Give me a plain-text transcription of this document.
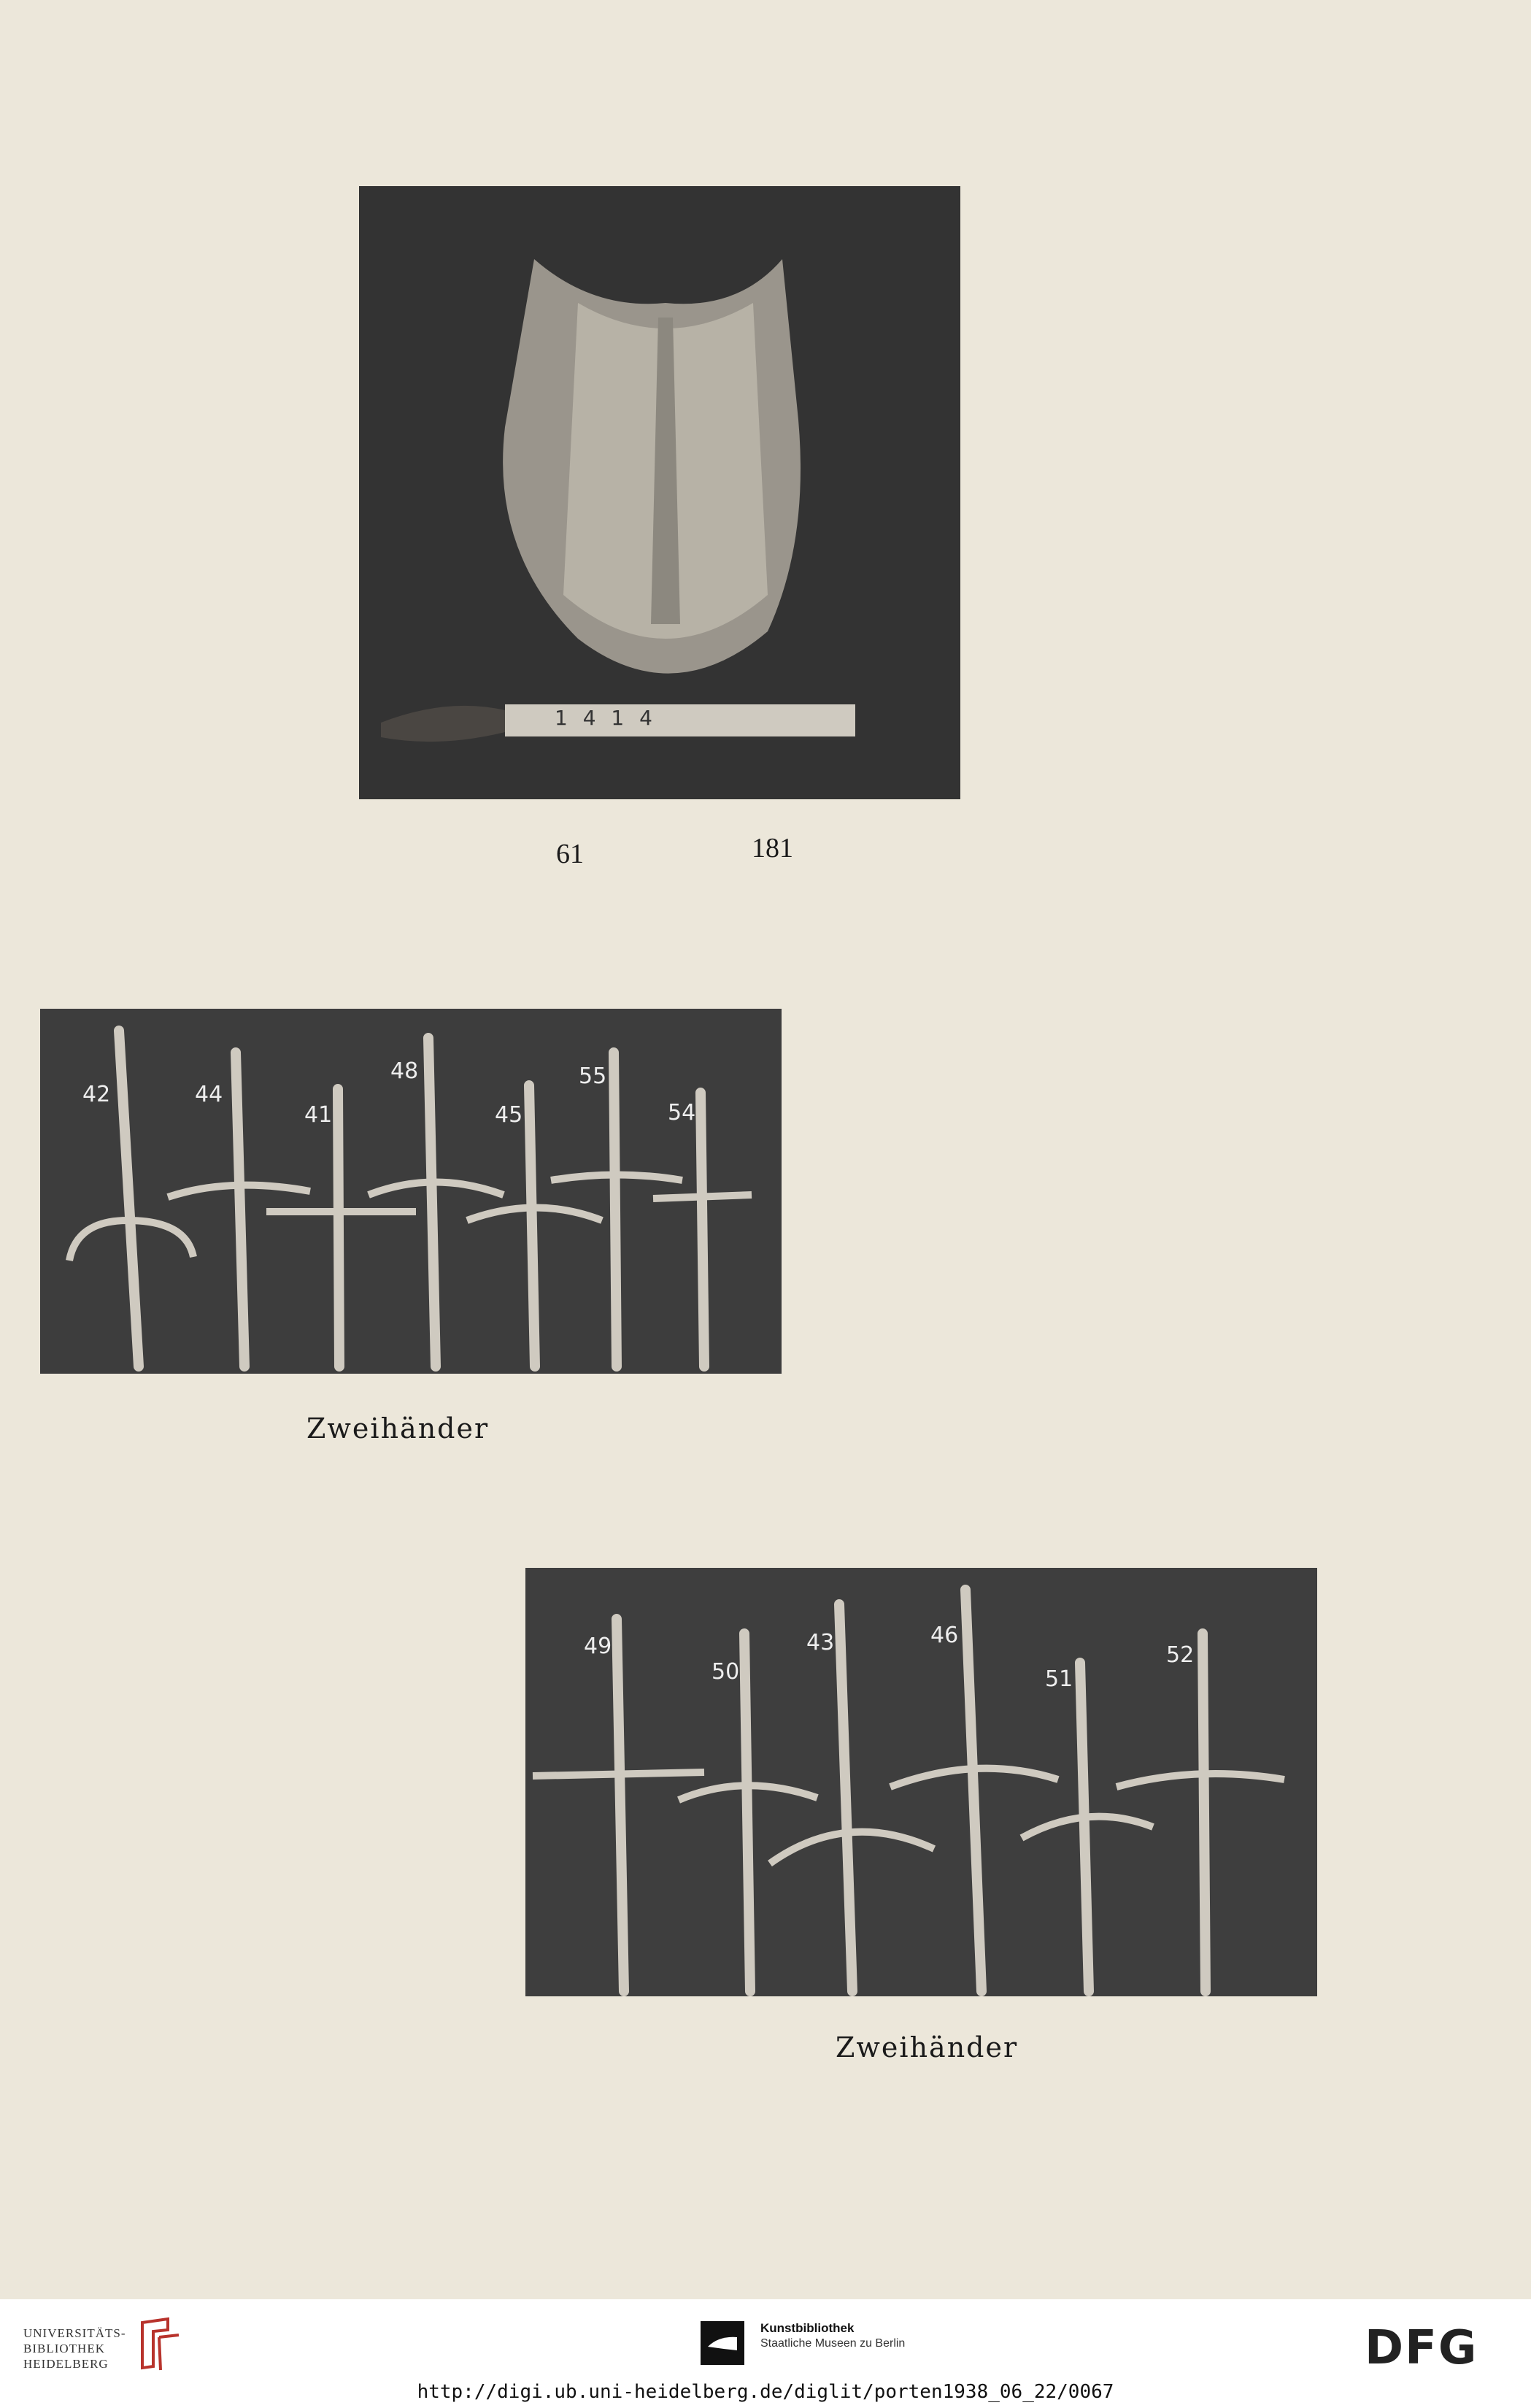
1 4 1 4
61	181
42	44
41
48
45
55
54
Zweihänder
49
50
43	46
51
52
Zweihänder
UNIVERSITÄTS-
BIBLIOTHEK
HEIDELBERG
Kunstbibliothek
Staatliche Museen zu Berlin	DFG
http://digi.ub.uni-heidelberg.de/diglit/porten1938_06_22/0067
